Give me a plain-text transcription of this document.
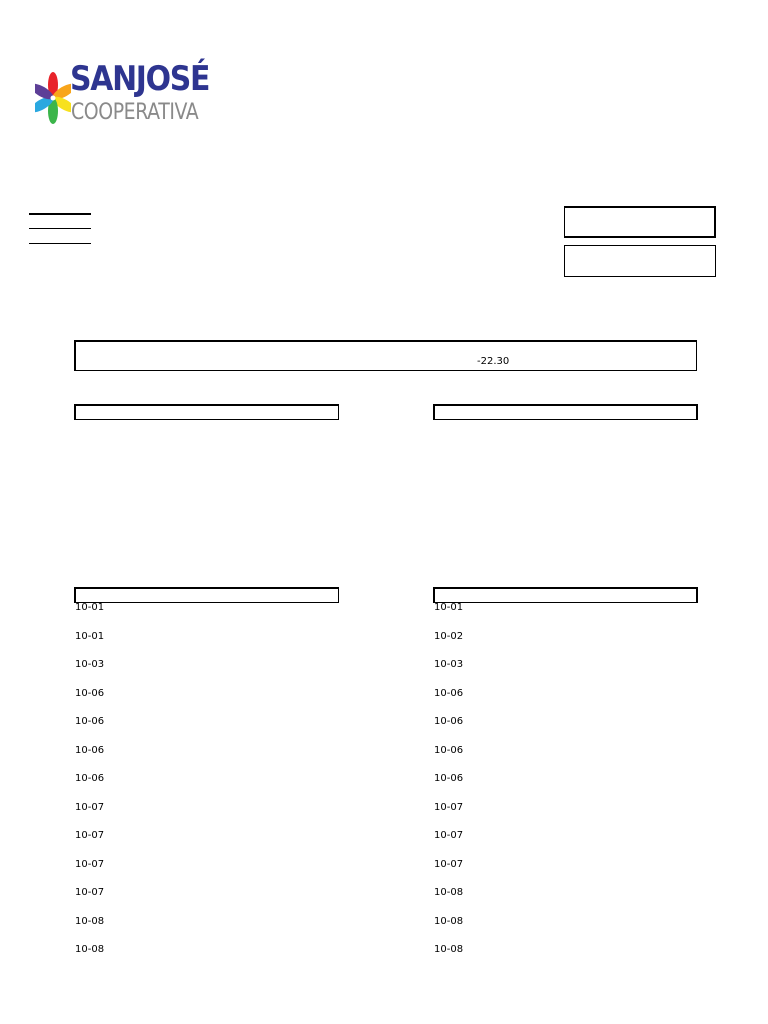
SANJOSÉ
COOPERATIVA
-22.30
10-01
10-01
10-03
10-06
10-06
10-06
10-06
10-07
10-07
10-07
10-07
10-08
10-08
10-01
10-02
10-03
10-06
10-06
10-06
10-06
10-07
10-07
10-07
10-08
10-08
10-08
